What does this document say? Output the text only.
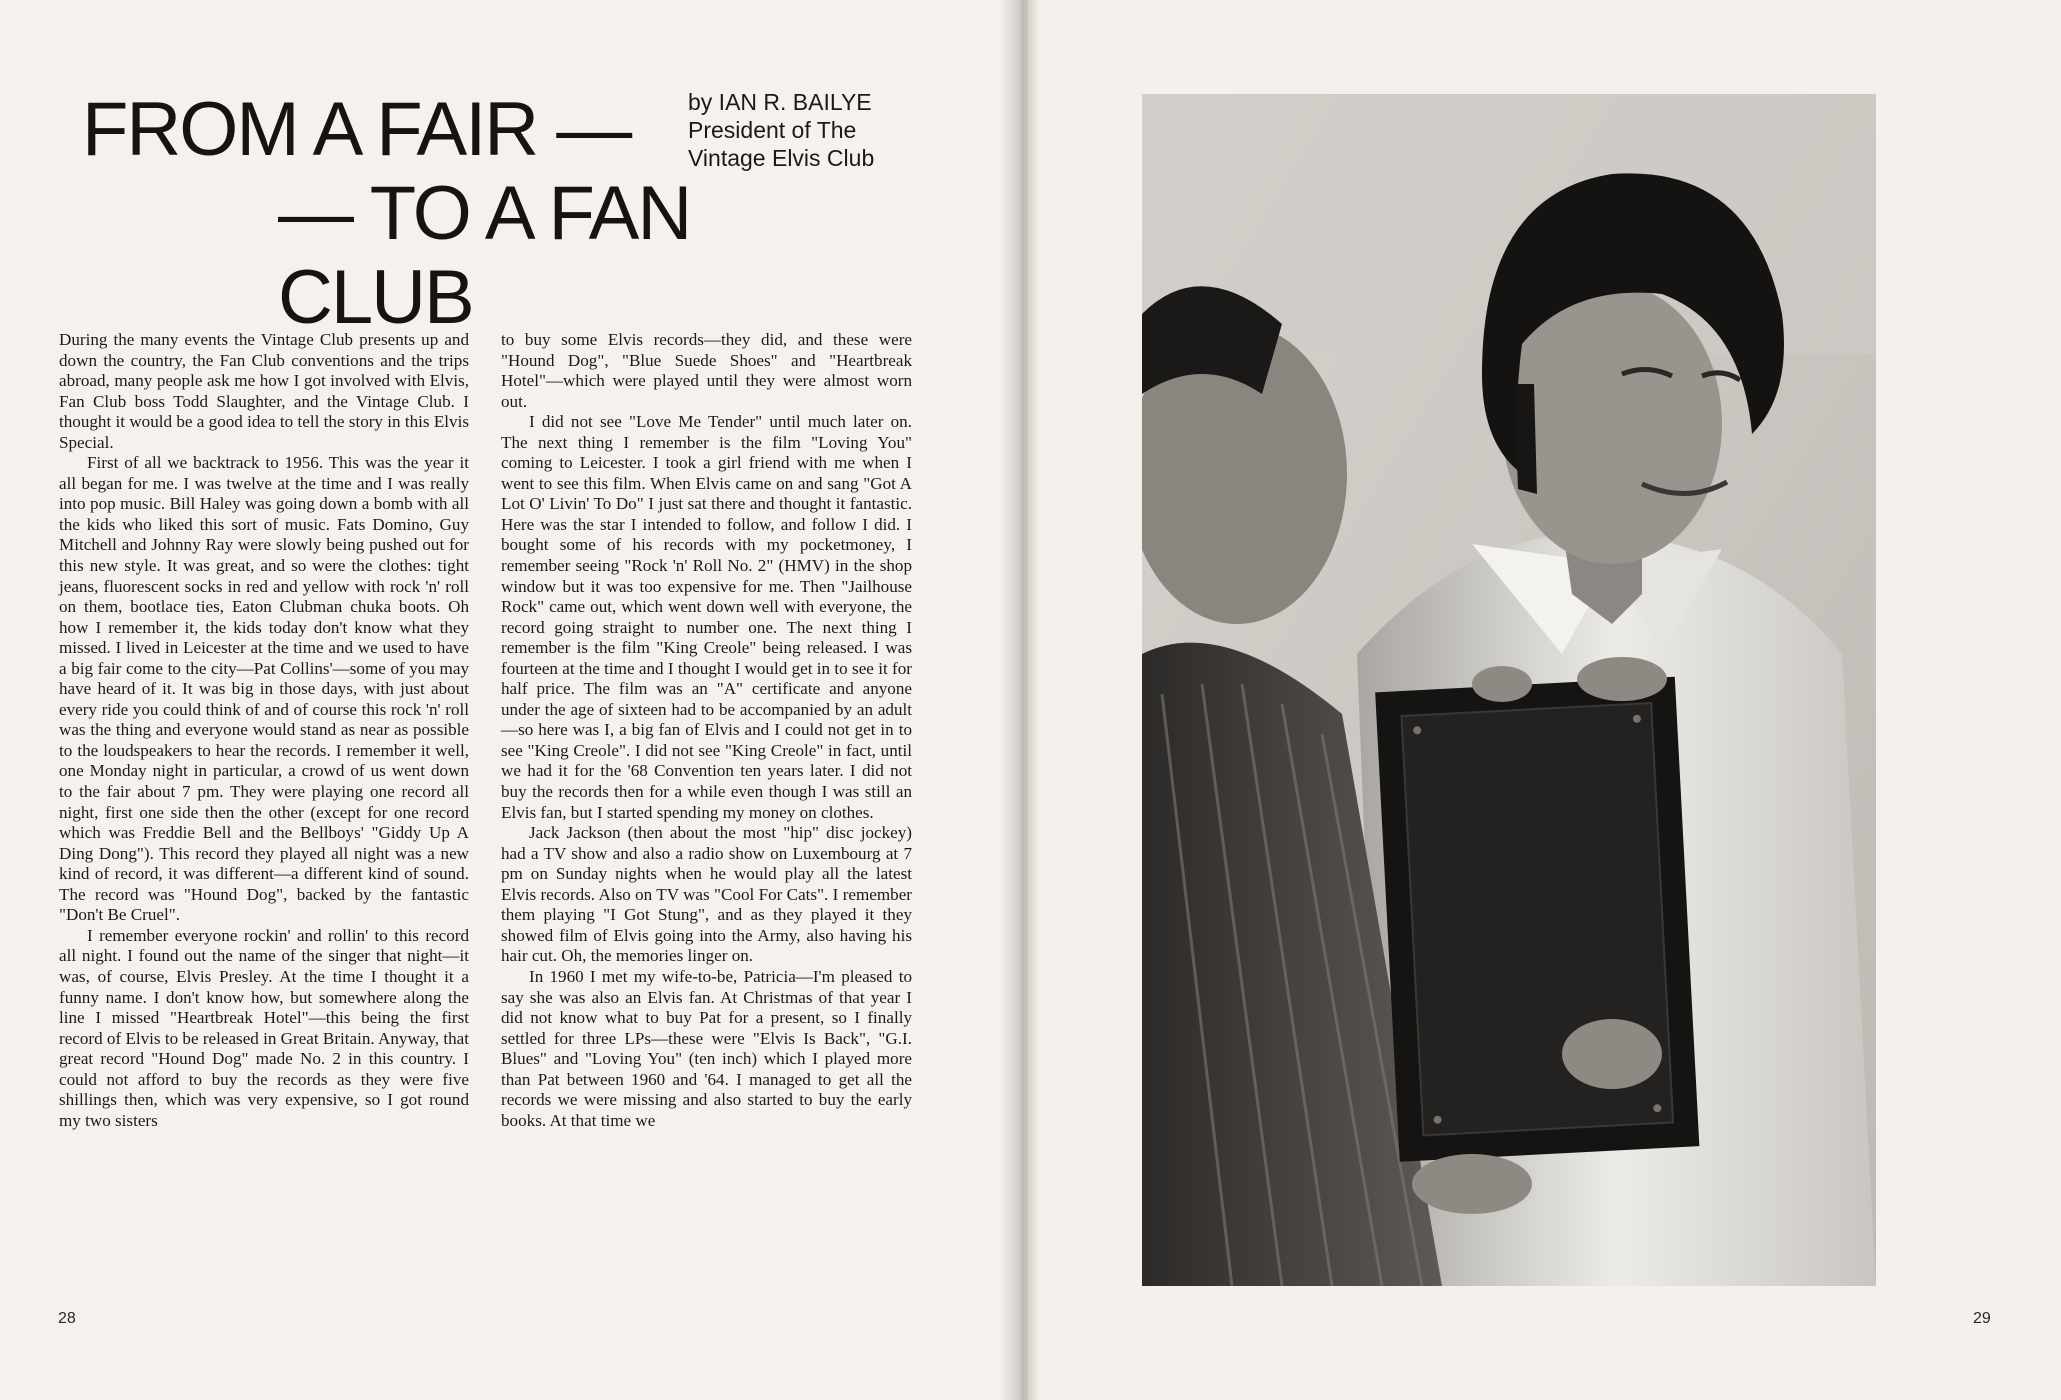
FROM A FAIR —
— TO A FAN CLUB
by IAN R. BAILYE
President of The
Vintage Elvis Club

During the many events the Vintage Club presents up and down the country, the Fan Club conventions and the trips abroad, many people ask me how I got involved with Elvis, Fan Club boss Todd Slaughter, and the Vintage Club. I thought it would be a good idea to tell the story in this Elvis Special.

First of all we backtrack to 1956. This was the year it all began for me. I was twelve at the time and I was really into pop music. Bill Haley was going down a bomb with all the kids who liked this sort of music. Fats Domino, Guy Mitchell and Johnny Ray were slowly being pushed out for this new style. It was great, and so were the clothes: tight jeans, fluorescent socks in red and yellow with rock 'n' roll on them, bootlace ties, Eaton Clubman chuka boots. Oh how I remember it, the kids today don't know what they missed. I lived in Leicester at the time and we used to have a big fair come to the city—Pat Collins'—some of you may have heard of it. It was big in those days, with just about every ride you could think of and of course this rock 'n' roll was the thing and everyone would stand as near as possible to the loudspeakers to hear the records. I remember it well, one Monday night in particular, a crowd of us went down to the fair about 7 pm. They were playing one record all night, first one side then the other (except for one record which was Freddie Bell and the Bellboys' "Giddy Up A Ding Dong"). This record they played all night was a new kind of record, it was different—a different kind of sound. The record was "Hound Dog", backed by the fantastic "Don't Be Cruel".

I remember everyone rockin' and rollin' to this record all night. I found out the name of the singer that night—it was, of course, Elvis Presley. At the time I thought it a funny name. I don't know how, but somewhere along the line I missed "Heartbreak Hotel"—this being the first record of Elvis to be released in Great Britain. Anyway, that great record "Hound Dog" made No. 2 in this country. I could not afford to buy the records as they were five shillings then, which was very expensive, so I got round my two sisters

to buy some Elvis records—they did, and these were "Hound Dog", "Blue Suede Shoes" and "Heartbreak Hotel"—which were played until they were almost worn out.

I did not see "Love Me Tender" until much later on. The next thing I remember is the film "Loving You" coming to Leicester. I took a girl friend with me when I went to see this film. When Elvis came on and sang "Got A Lot O' Livin' To Do" I just sat there and thought it fantastic. Here was the star I intended to follow, and follow I did. I bought some of his records with my pocketmoney, I remember seeing "Rock 'n' Roll No. 2" (HMV) in the shop window but it was too expensive for me. Then "Jailhouse Rock" came out, which went down well with everyone, the record going straight to number one. The next thing I remember is the film "King Creole" being released. I was fourteen at the time and I thought I would get in to see it for half price. The film was an "A" certificate and anyone under the age of sixteen had to be accompanied by an adult—so here was I, a big fan of Elvis and I could not get in to see "King Creole". I did not see "King Creole" in fact, until we had it for the '68 Convention ten years later. I did not buy the records then for a while even though I was still an Elvis fan, but I started spending my money on clothes.

Jack Jackson (then about the most "hip" disc jockey) had a TV show and also a radio show on Luxembourg at 7 pm on Sunday nights when he would play all the latest Elvis records. Also on TV was "Cool For Cats". I remember them playing "I Got Stung", and as they played it they showed film of Elvis going into the Army, also having his hair cut. Oh, the memories linger on.

In 1960 I met my wife-to-be, Patricia—I'm pleased to say she was also an Elvis fan. At Christmas of that year I did not know what to buy Pat for a present, so I finally settled for three LPs—these were "Elvis Is Back", "G.I. Blues" and "Loving You" (ten inch) which I played more than Pat between 1960 and '64. I managed to get all the records we were missing and also started to buy the early books. At that time we

28	29
